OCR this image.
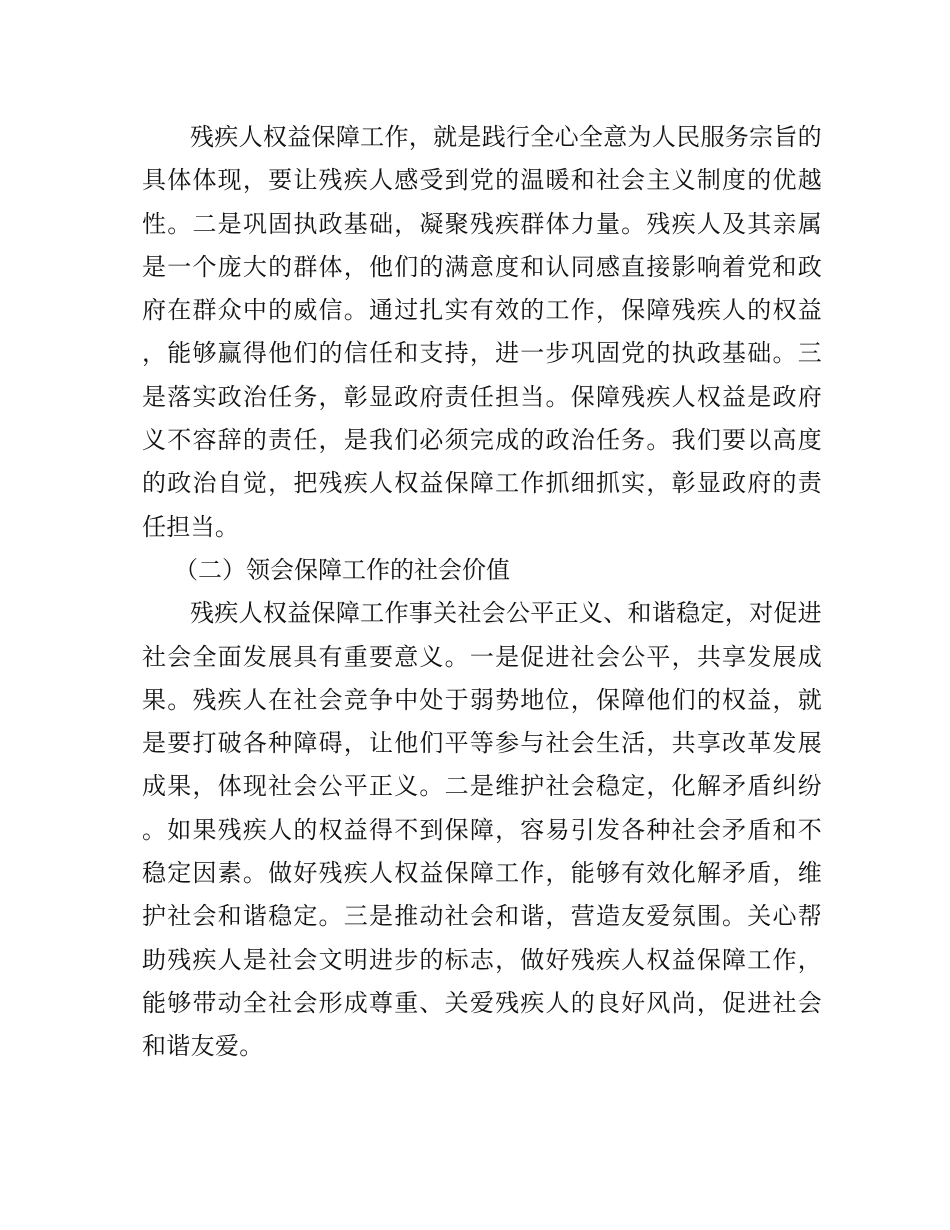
残疾人权益保障工作，就是践行全心全意为人民服务宗旨的具体体现，要让残疾人感受到党的温暖和社会主义制度的优越性。二是巩固执政基础，凝聚残疾群体力量。残疾人及其亲属是一个庞大的群体，他们的满意度和认同感直接影响着党和政府在群众中的威信。通过扎实有效的工作，保障残疾人的权益，能够赢得他们的信任和支持，进一步巩固党的执政基础。三是落实政治任务，彰显政府责任担当。保障残疾人权益是政府义不容辞的责任，是我们必须完成的政治任务。我们要以高度的政治自觉，把残疾人权益保障工作抓细抓实，彰显政府的责任担当。

（二）领会保障工作的社会价值

残疾人权益保障工作事关社会公平正义、和谐稳定，对促进社会全面发展具有重要意义。一是促进社会公平，共享发展成果。残疾人在社会竞争中处于弱势地位，保障他们的权益，就是要打破各种障碍，让他们平等参与社会生活，共享改革发展成果，体现社会公平正义。二是维护社会稳定，化解矛盾纠纷。如果残疾人的权益得不到保障，容易引发各种社会矛盾和不稳定因素。做好残疾人权益保障工作，能够有效化解矛盾，维护社会和谐稳定。三是推动社会和谐，营造友爱氛围。关心帮助残疾人是社会文明进步的标志，做好残疾人权益保障工作，能够带动全社会形成尊重、关爱残疾人的良好风尚，促进社会和谐友爱。
